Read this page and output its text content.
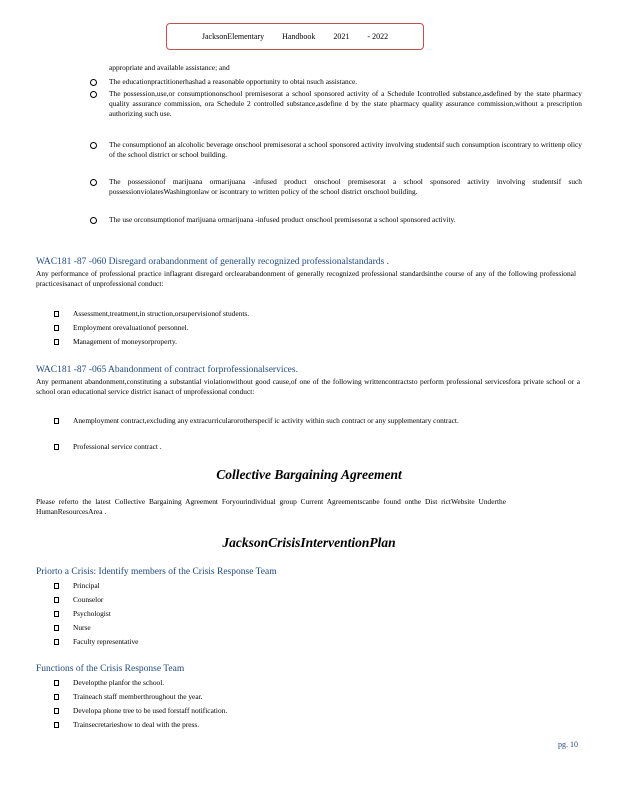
JacksonElementary Handbook 2021 - 2022
appropriate and available assistance; and
The educationpractitionerhashad a reasonable opportunity to obtai nsuch assistance.
The possession,use,or consumptiononschool premisesorat a school sponsored activity of a Schedule Icontrolled substance,asdefined by the state pharmacy quality assurance commission, ora Schedule 2 controlled substance,asdefine d by the state pharmacy quality assurance commission,without a prescription authorizing such use.
The consumptionof an alcoholic beverage onschool premisesorat a school sponsored activity involving studentsif such consumption iscontrary to writtenp olicy of the school district or school building.
The possessionof marijuana ormarijuana -infused product onschool premisesorat a school sponsored activity involving studentsif such possessionviolatesWashingtonlaw or iscontrary to written policy of the school district orschool building.
The use orconsumptionof marijuana ormarijuana -infused product onschool premisesorat a school sponsored activity.
WAC181 -87 -060 Disregard orabandonment of generally recognized professionalstandards .
Any performance of professional practice inflagrant disregard orclearabandonment of generally recognized professional standardsinthe course of any of the following professional practicesisanact of unprofessional conduct:
Assessment,treatment,in struction,orsupervisionof students.
Employment orevaluationof personnel.
Management of moneysorproperty.
WAC181 -87 -065 Abandonment of contract forprofessionalservices.
Any permanent abandonment,constituting a substantial violationwithout good cause,of one of the following writtencontractsto perform professional servicesfora private school or a school oran educational service district isanact of unprofessional conduct:
Anemployment contract,excluding any extracurricularorotherspecif ic activity within such contract or any supplementary contract.
Professional service contract .
Collective Bargaining Agreement
Please referto the latest Collective Bargaining Agreement Foryourindividual group Current Agreementscanbe found onthe Dist rictWebsite Underthe HumanResourcesArea .
JacksonCrisisInterventionPlan
Priorto a Crisis: Identify members of the Crisis Response Team
Principal
Counselor
Psychologist
Nurse
Faculty representative
Functions of the Crisis Response Team
Developthe planfor the school.
Traineach staff memberthroughout the year.
Developa phone tree to be used forstaff notification.
Trainsecretarieshow to deal with the press.
pg. 10
